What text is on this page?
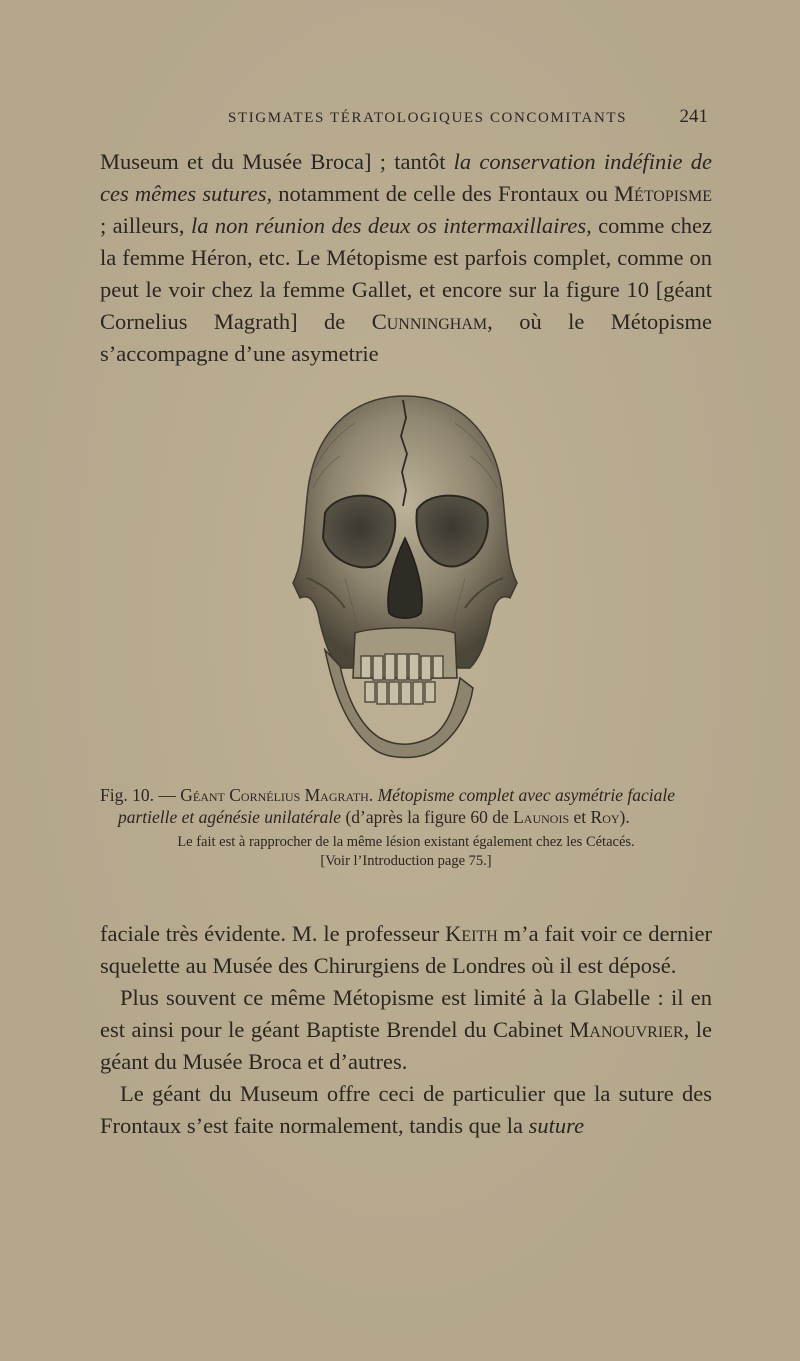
STIGMATES TÉRATOLOGIQUES CONCOMITANTS	241

Museum et du Musée Broca] ; tantôt la conservation indéfinie de ces mêmes sutures, notamment de celle des Frontaux ou Métopisme ; ailleurs, la non réunion des deux os intermaxillaires, comme chez la femme Héron, etc. Le Métopisme est parfois complet, comme on peut le voir chez la femme Gallet, et encore sur la figure 10 [géant Cornelius Magrath] de Cunningham, où le Métopisme s’accompagne d’une asymetrie

Fig. 10. — Géant Cornélius Magrath. Métopisme complet avec asymétrie faciale partielle et agénésie unilatérale (d’après la figure 60 de Launois et Roy).
Le fait est à rapprocher de la même lésion existant également chez les Cétacés.
[Voir l’Introduction page 75.]

faciale très évidente. M. le professeur Keith m’a fait voir ce dernier squelette au Musée des Chirurgiens de Londres où il est déposé.

Plus souvent ce même Métopisme est limité à la Glabelle : il en est ainsi pour le géant Baptiste Brendel du Cabinet Manouvrier, le géant du Musée Broca et d’autres.

Le géant du Museum offre ceci de particulier que la suture des Frontaux s’est faite normalement, tandis que la suture
